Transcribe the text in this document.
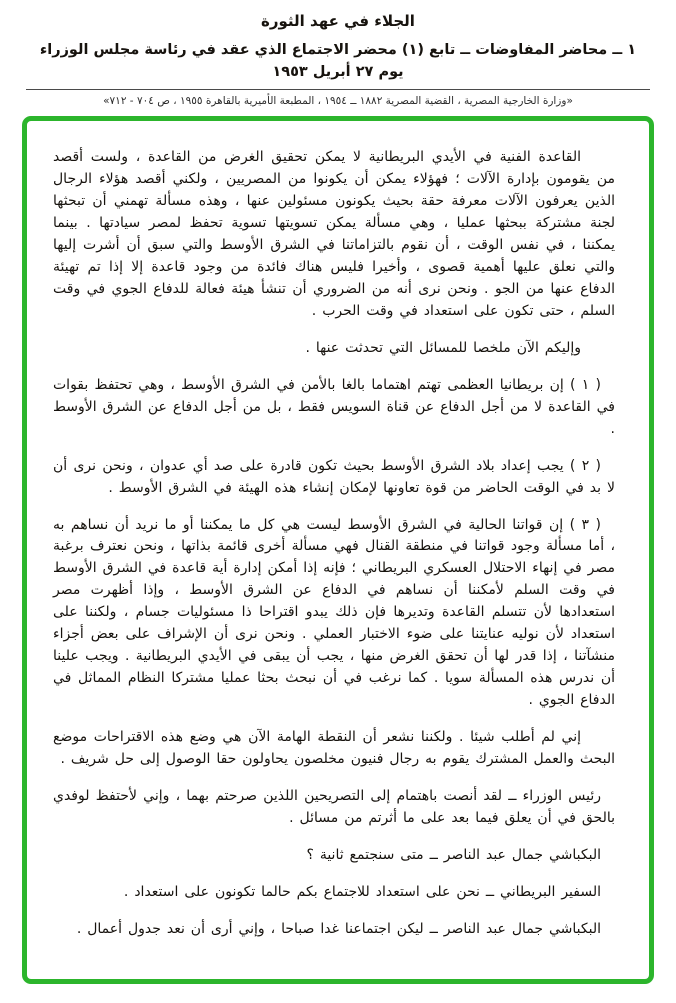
الجلاء في عهد الثورة
١ ــ محاضر المفاوضات ــ تابع (١) محضر الاجتماع الذي عقد في رئاسة مجلس الوزراء يوم ٢٧ أبريل ١٩٥٣
«وزارة الخارجية المصرية ، القضية المصرية ١٨٨٢ ــ ١٩٥٤ ، المطبعة الأميرية بالقاهرة ١٩٥٥ ، ص ٧٠٤ - ٧١٢»

القاعدة الفنية في الأيدي البريطانية لا يمكن تحقيق الغرض من القاعدة ، ولست أقصد من يقومون بإدارة الآلات ؛ فهؤلاء يمكن أن يكونوا من المصريين ، ولكني أقصد هؤلاء الرجال الذين يعرفون الآلات معرفة حقة بحيث يكونون مسئولين عنها ، وهذه مسألة تهمني أن تبحثها لجنة مشتركة ببحثها عمليا ، وهي مسألة يمكن تسويتها تسوية تحفظ لمصر سيادتها . بينما يمكننا ، في نفس الوقت ، أن نقوم بالتزاماتنا في الشرق الأوسط والتي سبق أن أشرت إليها والتي نعلق عليها أهمية قصوى ، وأخيرا فليس هناك فائدة من وجود قاعدة إلا إذا تم تهيئة الدفاع عنها من الجو . ونحن نرى أنه من الضروري أن تنشأ هيئة فعالة للدفاع الجوي في وقت السلم ، حتى تكون على استعداد في وقت الحرب .

وإليكم الآن ملخصا للمسائل التي تحدثت عنها .

( ١ ) إن بريطانيا العظمى تهتم اهتماما بالغا بالأمن في الشرق الأوسط ، وهي تحتفظ بقوات في القاعدة لا من أجل الدفاع عن قناة السويس فقط ، بل من أجل الدفاع عن الشرق الأوسط .

( ٢ ) يجب إعداد بلاد الشرق الأوسط بحيث تكون قادرة على صد أي عدوان ، ونحن نرى أن لا بد في الوقت الحاضر من قوة تعاونها لإمكان إنشاء هذه الهيئة في الشرق الأوسط .

( ٣ ) إن قواتنا الحالية في الشرق الأوسط ليست هي كل ما يمكننا أو ما نريد أن نساهم به ، أما مسألة وجود قواتنا في منطقة القنال فهي مسألة أخرى قائمة بذاتها ، ونحن نعترف برغبة مصر في إنهاء الاحتلال العسكري البريطاني ؛ فإنه إذا أمكن إدارة أية قاعدة في الشرق الأوسط في وقت السلم لأمكننا أن نساهم في الدفاع عن الشرق الأوسط ، وإذا أظهرت مصر استعدادها لأن تتسلم القاعدة وتديرها فإن ذلك يبدو اقتراحا ذا مسئوليات جسام ، ولكننا على استعداد لأن نوليه عنايتنا على ضوء الاختبار العملي . ونحن نرى أن الإشراف على بعض أجزاء منشآتنا ، إذا قدر لها أن تحقق الغرض منها ، يجب أن يبقى في الأيدي البريطانية . ويجب علينا أن ندرس هذه المسألة سويا . كما نرغب في أن نبحث بحثا عمليا مشتركا النظام المماثل في الدفاع الجوي .

إني لم أطلب شيئا . ولكننا نشعر أن النقطة الهامة الآن هي وضع هذه الاقتراحات موضع البحث والعمل المشترك يقوم به رجال فنيون مخلصون يحاولون حقا الوصول إلى حل شريف .

رئيس الوزراء ــ لقد أنصت باهتمام إلى التصريحين اللذين صرحتم بهما ، وإني لأحتفظ لوفدي بالحق في أن يعلق فيما بعد على ما أثرتم من مسائل .

البكباشي جمال عبد الناصر ــ متى سنجتمع ثانية ؟

السفير البريطاني ــ نحن على استعداد للاجتماع بكم حالما تكونون على استعداد .

البكباشي جمال عبد الناصر ــ ليكن اجتماعنا غدا صباحا ، وإني أرى أن نعد جدول أعمال .
